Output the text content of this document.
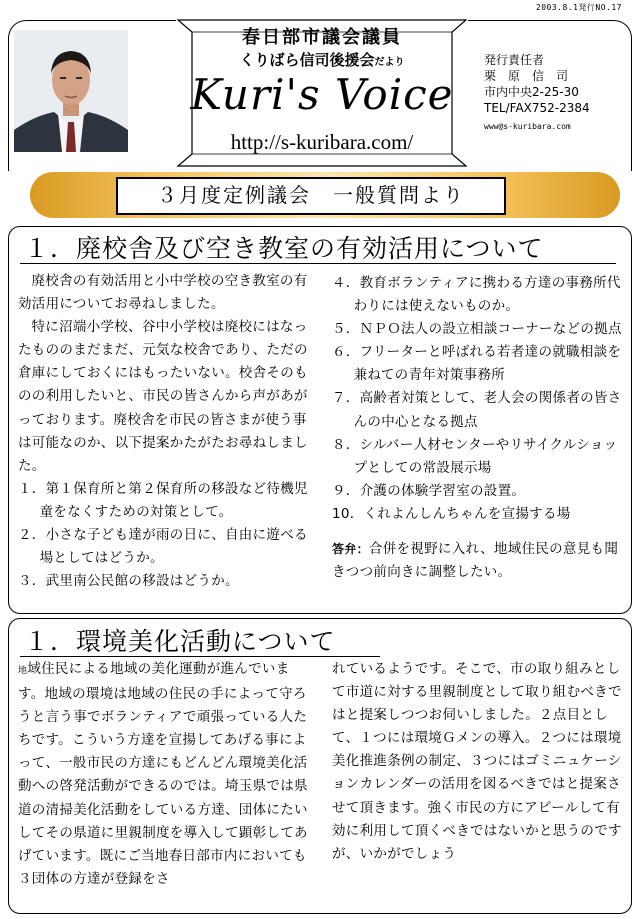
2003.8.1発行NO.17
春日部市議会議員
くりばら信司後援会だより
Kuri's Voice
http://s-kuribara.com/
発行責任者
栗　原　信　司
市内中央2-25-30
TEL/FAX752-2384
www@s-kuribara.com
３月度定例議会　一般質問より
１．廃校舎及び空き教室の有効活用について

廃校舎の有効活用と小中学校の空き教室の有効活用についてお尋ねしました。

特に沼端小学校、谷中小学校は廃校にはなったもののまだまだ、元気な校舎であり、ただの倉庫にしておくにはもったいない。校舎そのものの利用したいと、市民の皆さんから声があがっております。廃校舎を市民の皆さまが使う事は可能なのか、以下提案かたがたお尋ねしました。

１．第１保育所と第２保育所の移設など待機児童をなくすための対策として。

２．小さな子ども達が雨の日に、自由に遊べる場としてはどうか。

３．武里南公民館の移設はどうか。

４．教育ボランティアに携わる方達の事務所代わりには使えないものか。

５．ＮＰＯ法人の設立相談コーナーなどの拠点

６．フリーターと呼ばれる若者達の就職相談を兼ねての青年対策事務所

７．高齢者対策として、老人会の関係者の皆さんの中心となる拠点

８．シルバー人材センターやリサイクルショップとしての常設展示場

９．介護の体験学習室の設置。

10．くれよんしんちゃんを宣揚する場

答弁：合併を視野に入れ、地域住民の意見も聞きつつ前向きに調整したい。

１．環境美化活動について

地域住民による地域の美化運動が進んでいます。地域の環境は地域の住民の手によって守ろうと言う事でボランティアで頑張っている人たちです。こういう方達を宣揚してあげる事によって、一般市民の方達にもどんどん環境美化活動への啓発活動ができるのでは。埼玉県では県道の清掃美化活動をしている方達、団体にたいしてその県道に里親制度を導入して顕彰してあげています。既にご当地春日部市内においても３団体の方達が登録をさ

れているようです。そこで、市の取り組みとして市道に対する里親制度として取り組むべきではと提案しつつお伺いしました。２点目として、１つには環境Ｇメンの導入。２つには環境美化推進条例の制定、３つにはゴミニュケーションカレンダーの活用を図るべきではと提案させて頂きます。強く市民の方にアピールして有効に利用して頂くべきではないかと思うのですが、いかがでしょう
